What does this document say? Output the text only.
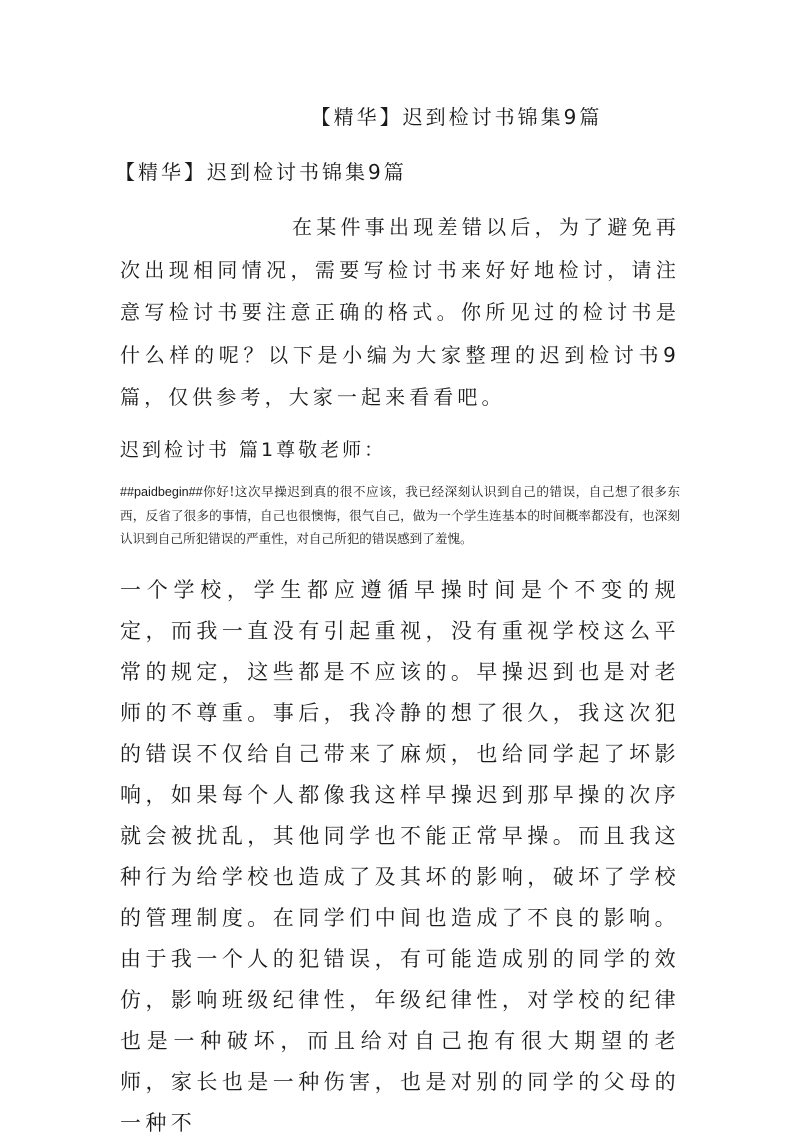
【精华】迟到检讨书锦集9篇
【精华】迟到检讨书锦集9篇
在某件事出现差错以后，为了避免再次出现相同情况，需要写检讨书来好好地检讨，请注意写检讨书要注意正确的格式。你所见过的检讨书是什么样的呢？以下是小编为大家整理的迟到检讨书9篇，仅供参考，大家一起来看看吧。
迟到检讨书 篇1尊敬老师：
##paidbegin##你好!这次早操迟到真的很不应该，我已经深刻认识到自己的错误，自己想了很多东西，反省了很多的事情，自己也很懊悔，很气自己，做为一个学生连基本的时间概率都没有，也深刻认识到自己所犯错误的严重性，对自己所犯的错误感到了羞愧。
一个学校，学生都应遵循早操时间是个不变的规定，而我一直没有引起重视，没有重视学校这么平常的规定，这些都是不应该的。早操迟到也是对老师的不尊重。事后，我冷静的想了很久，我这次犯的错误不仅给自己带来了麻烦，也给同学起了坏影响，如果每个人都像我这样早操迟到那早操的次序就会被扰乱，其他同学也不能正常早操。而且我这种行为给学校也造成了及其坏的影响，破坏了学校的管理制度。在同学们中间也造成了不良的影响。由于我一个人的犯错误，有可能造成别的同学的效仿，影响班级纪律性，年级纪律性，对学校的纪律也是一种破坏，而且给对自己抱有很大期望的老师，家长也是一种伤害，也是对别的同学的父母的一种不
